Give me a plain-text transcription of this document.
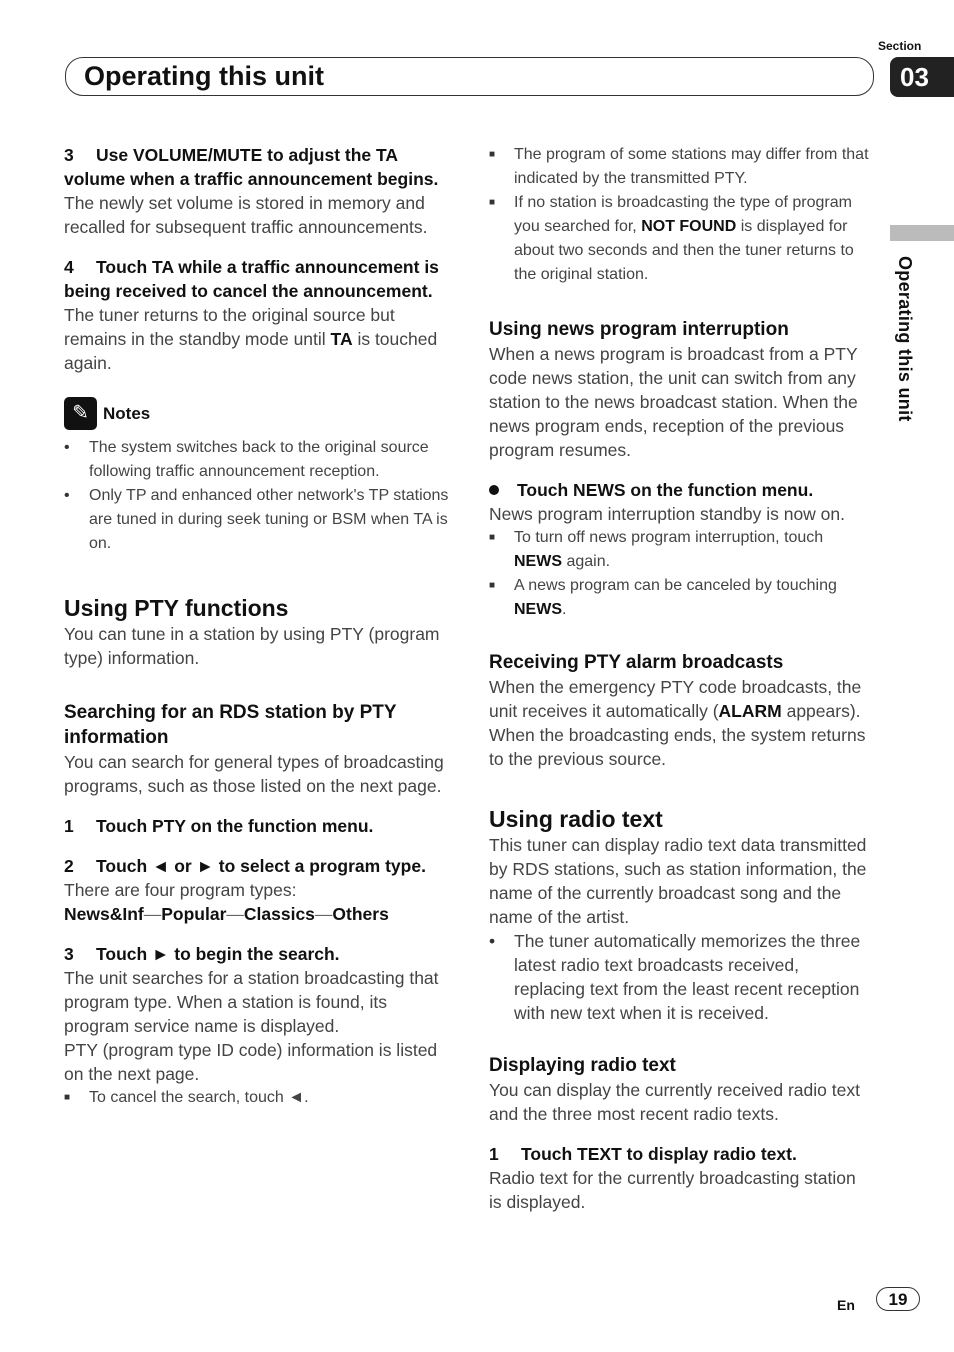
Operating this unit
Section
03
Operating this unit
3 Use VOLUME/MUTE to adjust the TA volume when a traffic announcement begins.

The newly set volume is stored in memory and recalled for subsequent traffic announcements.

4 Touch TA while a traffic announcement is being received to cancel the announcement.

The tuner returns to the original source but remains in the standby mode until TA is touched again.

✎ Notes
•	The system switches back to the original source following traffic announcement reception.
•	Only TP and enhanced other network's TP stations are tuned in during seek tuning or BSM when TA is on.
Using PTY functions

You can tune in a station by using PTY (program type) information.

Searching for an RDS station by PTY information

You can search for general types of broadcasting programs, such as those listed on the next page.

1 Touch PTY on the function menu.
2 Touch ◄ or ► to select a program type.

There are four program types:

News&Inf—Popular—Classics—Others

3 Touch ► to begin the search.

The unit searches for a station broadcasting that program type. When a station is found, its program service name is displayed.

PTY (program type ID code) information is listed on the next page.

■	To cancel the search, touch ◄.
■	The program of some stations may differ from that indicated by the transmitted PTY.
■	If no station is broadcasting the type of program you searched for, NOT FOUND is displayed for about two seconds and then the tuner returns to the original station.
Using news program interruption

When a news program is broadcast from a PTY code news station, the unit can switch from any station to the news broadcast station. When the news program ends, reception of the previous program resumes.

Touch NEWS on the function menu.

News program interruption standby is now on.

■	To turn off news program interruption, touch NEWS again.
■	A news program can be canceled by touching NEWS.
Receiving PTY alarm broadcasts

When the emergency PTY code broadcasts, the unit receives it automatically (ALARM appears). When the broadcasting ends, the system returns to the previous source.

Using radio text

This tuner can display radio text data transmitted by RDS stations, such as station information, the name of the currently broadcast song and the name of the artist.

•	The tuner automatically memorizes the three latest radio text broadcasts received, replacing text from the least recent reception with new text when it is received.
Displaying radio text

You can display the currently received radio text and the three most recent radio texts.

1 Touch TEXT to display radio text.

Radio text for the currently broadcasting station is displayed.

En	19
